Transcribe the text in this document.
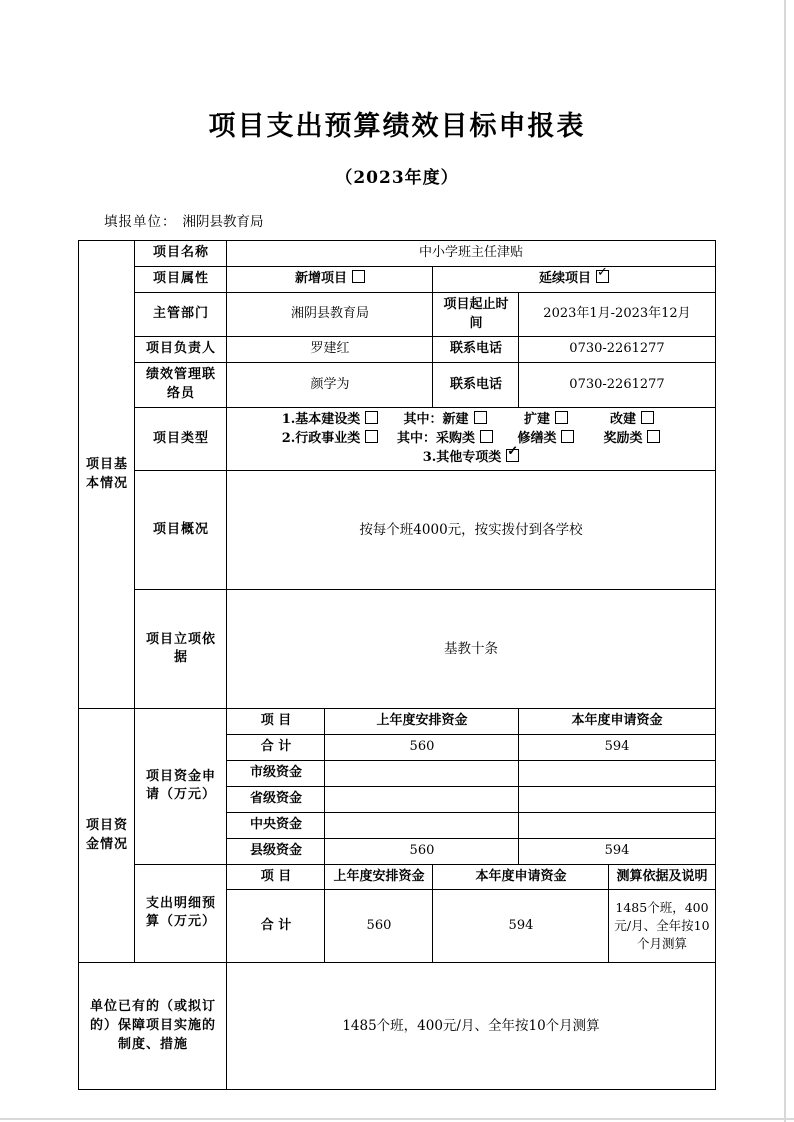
项目支出预算绩效目标申报表
（2023年度）
填报单位： 湘阴县教育局
项目基本情况	项目名称	中小学班主任津贴				
	项目属性	新增项目		延续项目✓
	主管部门	湘阴县教育局		项目起止时间	2023年1月-2023年12月	
	项目负责人	罗建红		联系电话	0730-2261277	
	绩效管理联络员	颜学为		联系电话	0730-2261277	
	项目类型	1.基本建设类 其中：新建 扩建 改建
2.行政事业类 其中：采购类 修缮类 奖励类
3.其他专项类✓

	项目概况	按每个班4000元，按实拨付到各学校				
	项目立项依据	基教十条				

项目资金情况	项目资金申请（万元）	项 目	上年度安排资金		本年度申请资金	
		合 计	560		594	
		市级资金				
		省级资金				
		中央资金				
		县级资金	560		594	
	支出明细预算（万元）	项 目	上年度安排资金	本年度申请资金		测算依据及说明
		合 计	560	594		1485个班，400元/月、全年按10个月测算
单位已有的（或拟订的）保障项目实施的制度、措施		1485个班，400元/月、全年按10个月测算				
